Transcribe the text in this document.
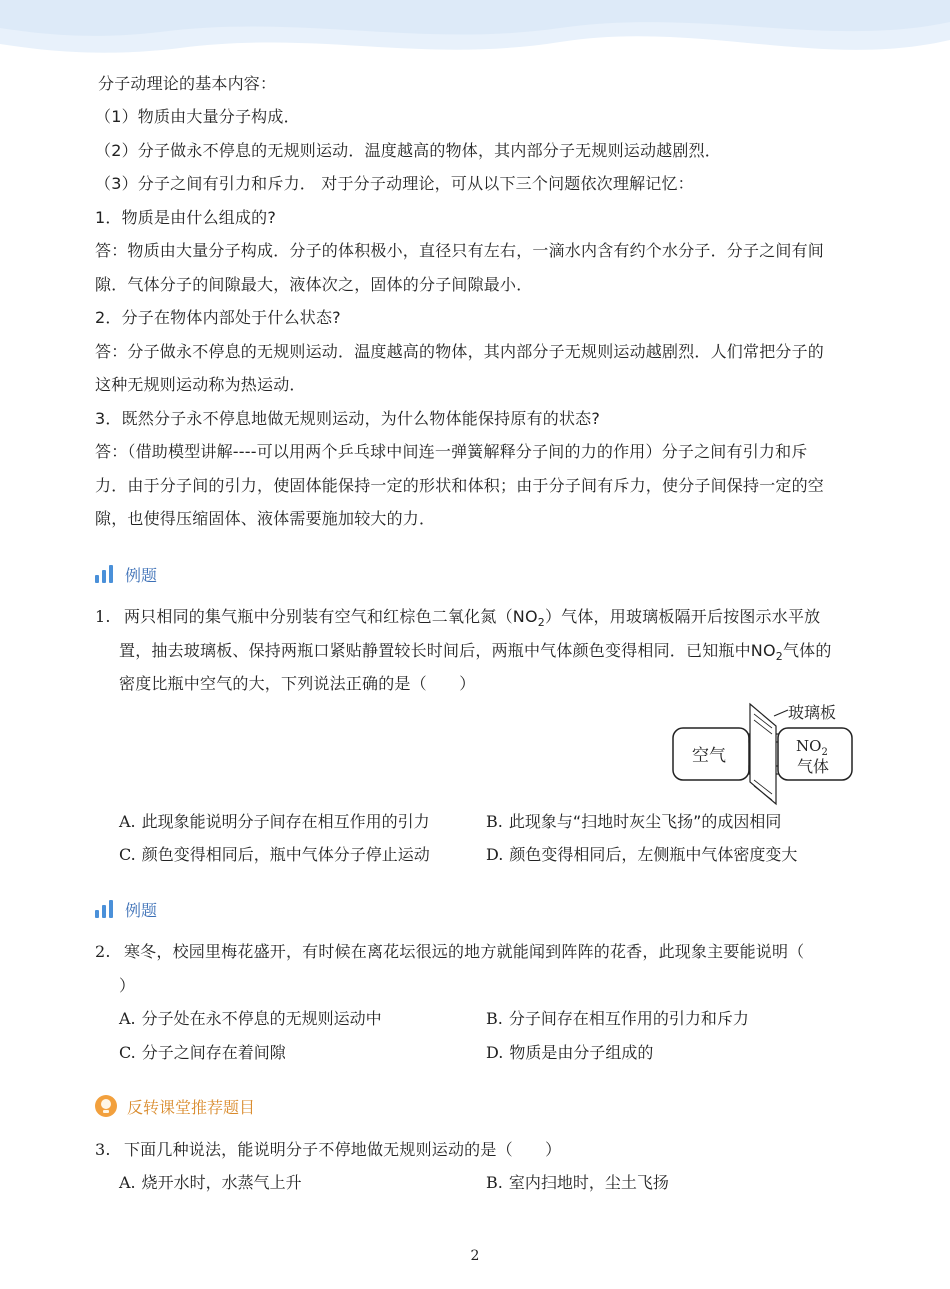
分子动理论的基本内容：
（1）物质由大量分子构成．
（2）分子做永不停息的无规则运动．温度越高的物体，其内部分子无规则运动越剧烈．
（3）分子之间有引力和斥力． 对于分子动理论，可从以下三个问题依次理解记忆：
1．物质是由什么组成的?
答：物质由大量分子构成．分子的体积极小，直径只有左右，一滴水内含有约个水分子．分子之间有间
隙．气体分子的间隙最大，液体次之，固体的分子间隙最小．
2．分子在物体内部处于什么状态?
答：分子做永不停息的无规则运动．温度越高的物体，其内部分子无规则运动越剧烈．人们常把分子的
这种无规则运动称为热运动．
3．既然分子永不停息地做无规则运动，为什么物体能保持原有的状态?
答：（借助模型讲解----可以用两个乒乓球中间连一弹簧解释分子间的力的作用）分子之间有引力和斥
力．由于分子间的引力，使固体能保持一定的形状和体积；由于分子间有斥力，使分子间保持一定的空
隙，也使得压缩固体、液体需要施加较大的力．
例题
1. 两只相同的集气瓶中分别装有空气和红棕色二氧化氮$(NO_2)$气体，用玻璃板隔开后按图示水平放
置，抽去玻璃板、保持两瓶口紧贴静置较长时间后，两瓶中气体颜色变得相同．已知瓶中$NO_2$气体的
密度比瓶中空气的大，下列说法正确的是（　　）
玻璃板
空气	$NO_2$
气体
A. 此现象能说明分子间存在相互作用的引力	B. 此现象与“扫地时灰尘飞扬”的成因相同
C. 颜色变得相同后，瓶中气体分子停止运动	D. 颜色变得相同后，左侧瓶中气体密度变大
例题
2. 寒冬，校园里梅花盛开，有时候在离花坛很远的地方就能闻到阵阵的花香，此现象主要能说明（
）
A. 分子处在永不停息的无规则运动中	B. 分子间存在相互作用的引力和斥力
C. 分子之间存在着间隙	D. 物质是由分子组成的
反转课堂推荐题目
3. 下面几种说法，能说明分子不停地做无规则运动的是（　　）
A. 烧开水时，水蒸气上升	B. 室内扫地时，尘土飞扬
2
